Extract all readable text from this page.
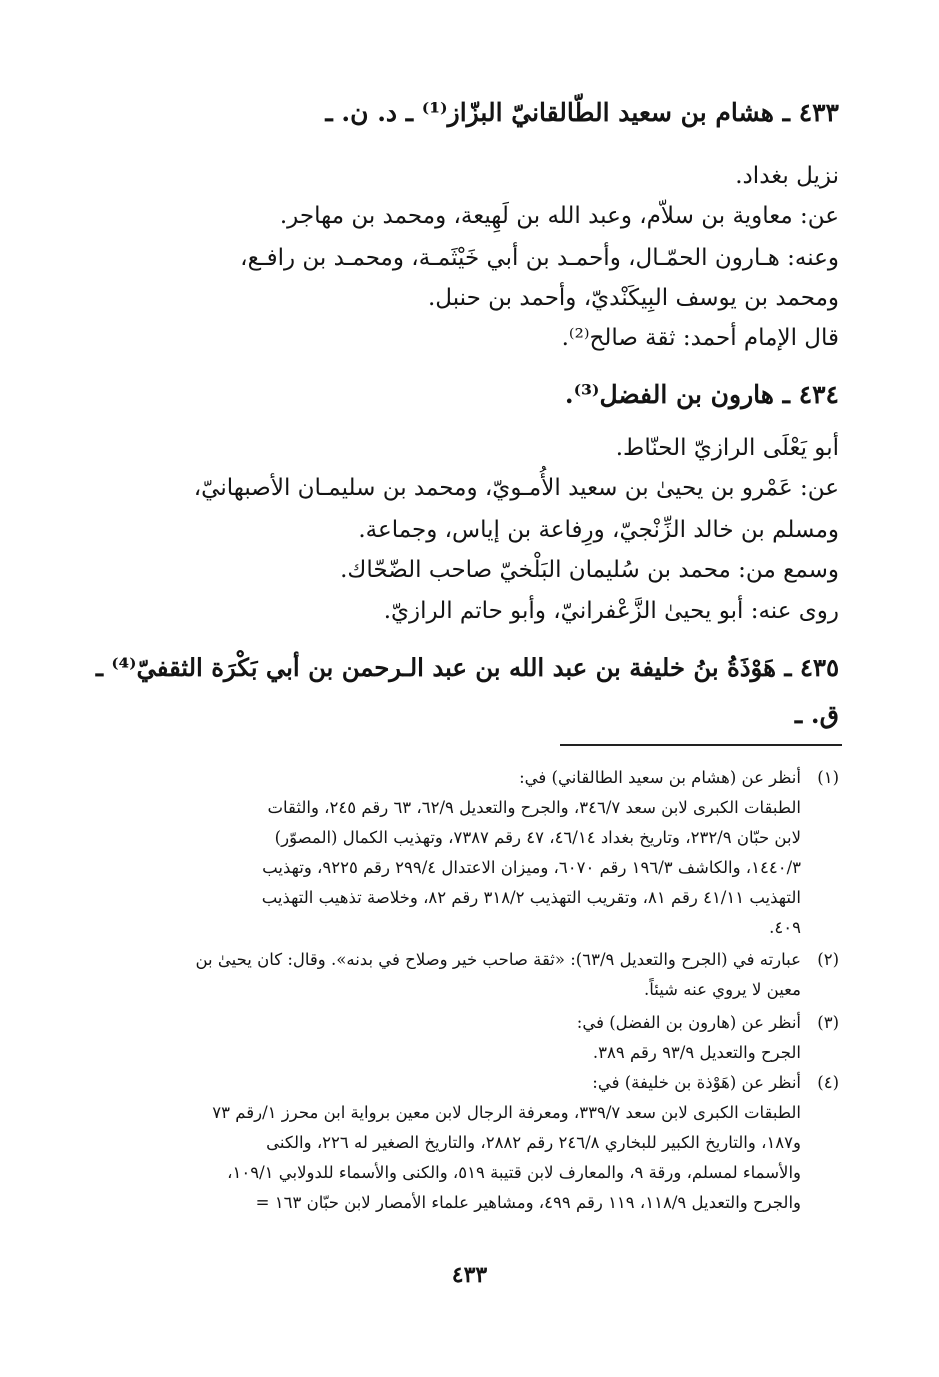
٤٣٣ ـ هشام بن سعيد الطّالقانيّ البزّاز⁽¹⁾ ـ د. ن. ـ
نزيل بغداد.
عن: معاوية بن سلاّم، وعبد الله بن لَهِيعة، ومحمد بن مهاجر.
وعنه: هـارون الحمّـال، وأحمـد بن أبي خَيْثَمـة، ومحمـد بن رافـع،
ومحمد بن يوسف البِيكَنْديّ، وأحمد بن حنبل.
قال الإمام أحمد: ثقة صالح⁽²⁾.
٤٣٤ ـ هارون بن الفضل⁽³⁾.
أبو يَعْلَى الرازيّ الحنّاط.
عن: عَمْرو بن يحيىٰ بن سعيد الأُمـويّ، ومحمد بن سليمـان الأصبهانيّ،
ومسلم بن خالد الزِّنْجيّ، ورِفاعة بن إياس، وجماعة.
وسمع من: محمد بن سُليمان البَلْخيّ صاحب الضّحّاك.
روى عنه: أبو يحيىٰ الزَّعْفرانيّ، وأبو حاتم الرازيّ.
٤٣٥ ـ هَوْذَةُ بنُ خليفة بن عبد الله بن عبد الـرحمن بن أبي بَكْرَة الثقفيّ⁽⁴⁾ ـ
ق. ـ
(١)
أنظر عن (هشام بن سعيد الطالقاني) في:
الطبقات الكبرى لابن سعد ٣٤٦/٧، والجرح والتعديل ٦٢/٩، ٦٣ رقم ٢٤٥، والثقات
لابن حبّان ٢٣٢/٩، وتاريخ بغداد ٤٦/١٤، ٤٧ رقم ٧٣٨٧، وتهذيب الكمال (المصوّر)
١٤٤٠/٣، والكاشف ١٩٦/٣ رقم ٦٠٧٠، وميزان الاعتدال ٢٩٩/٤ رقم ٩٢٢٥، وتهذيب
التهذيب ٤١/١١ رقم ٨١، وتقريب التهذيب ٣١٨/٢ رقم ٨٢، وخلاصة تذهيب التهذيب
٤٠٩.
(٢)
عبارته في (الجرح والتعديل ٦٣/٩): «ثقة صاحب خير وصلاح في بدنه». وقال: كان يحيىٰ بن
معين لا يروي عنه شيئاً.
(٣)
أنظر عن (هارون بن الفضل) في:
الجرح والتعديل ٩٣/٩ رقم ٣٨٩.
(٤)
أنظر عن (هَوْذة بن خليفة) في:
الطبقات الكبرى لابن سعد ٣٣٩/٧، ومعرفة الرجال لابن معين برواية ابن محرز ١/رقم ٧٣
و١٨٧، والتاريخ الكبير للبخاري ٢٤٦/٨ رقم ٢٨٨٢، والتاريخ الصغير له ٢٢٦، والكنى
والأسماء لمسلم، ورقة ٩، والمعارف لابن قتيبة ٥١٩، والكنى والأسماء للدولابي ١٠٩/١،
والجرح والتعديل ١١٨/٩، ١١٩ رقم ٤٩٩، ومشاهير علماء الأمصار لابن حبّان ١٦٣ =
٤٣٣
